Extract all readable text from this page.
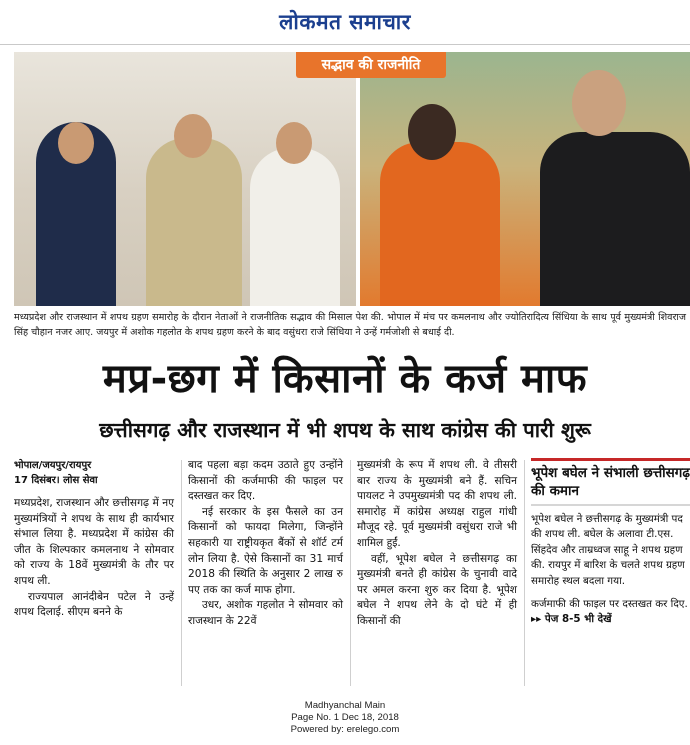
लोकमत समाचार
सद्भाव की राजनीति
मध्यप्रदेश और राजस्थान में शपथ ग्रहण समारोह के दौरान नेताओं ने राजनीतिक सद्भाव की मिसाल पेश की. भोपाल में मंच पर कमलनाथ और ज्योतिरादित्य सिंधिया के साथ पूर्व मुख्यमंत्री शिवराज सिंह चौहान नजर आए. जयपुर में अशोक गहलोत के शपथ ग्रहण करने के बाद वसुंधरा राजे सिंधिया ने उन्हें गर्मजोशी से बधाई दी.
मप्र-छग में किसानों के कर्ज माफ
छत्तीसगढ़ और राजस्थान में भी शपथ के साथ कांग्रेस की पारी शुरू
भोपाल/जयपुर/रायपुर
17 दिसंबर। लोस सेवा

मध्यप्रदेश, राजस्थान और छत्तीसगढ़ में नए मुख्यमंत्रियों ने शपथ के साथ ही कार्यभार संभाल लिया है. मध्यप्रदेश में कांग्रेस की जीत के शिल्पकार कमलनाथ ने सोमवार को राज्य के 18वें मुख्यमंत्री के तौर पर शपथ ली.

राज्यपाल आनंदीबेन पटेल ने उन्हें शपथ दिलाई. सीएम बनने के

बाद पहला बड़ा कदम उठाते हुए उन्होंने किसानों की कर्जमाफी की फाइल पर दस्तखत कर दिए.

नई सरकार के इस फैसले का उन किसानों को फायदा मिलेगा, जिन्होंने सहकारी या राष्ट्रीयकृत बैंकों से शॉर्ट टर्म लोन लिया है. ऐसे किसानों का 31 मार्च 2018 की स्थिति के अनुसार 2 लाख रु पए तक का कर्ज माफ होगा.

उधर, अशोक गहलोत ने सोमवार को राजस्थान के 22वें

मुख्यमंत्री के रूप में शपथ ली. वे तीसरी बार राज्य के मुख्यमंत्री बने हैं. सचिन पायलट ने उपमुख्यमंत्री पद की शपथ ली. समारोह में कांग्रेस अध्यक्ष राहुल गांधी मौजूद रहे. पूर्व मुख्यमंत्री वसुंधरा राजे भी शामिल हुईं.

वहीं, भूपेश बघेल ने छत्तीसगढ़ का मुख्यमंत्री बनते ही कांग्रेस के चुनावी वादे पर अमल करना शुरु कर दिया है. भूपेश बघेल ने शपथ लेने के दो घंटे में ही किसानों की

भूपेश बघेल ने संभाली छत्तीसगढ़ की कमान
भूपेश बघेल ने छत्तीसगढ़ के मुख्यमंत्री पद की शपथ ली. बघेल के अलावा टी.एस. सिंहदेव और ताम्रध्वज साहू ने शपथ ग्रहण की. रायपुर में बारिश के चलते शपथ ग्रहण समारोह स्थल बदला गया.
कर्जमाफी की फाइल पर दस्तखत कर दिए. ▸▸ पेज 8-5 भी देखें
Madhyanchal Main
Page No. 1 Dec 18, 2018
Powered by: erelego.com
